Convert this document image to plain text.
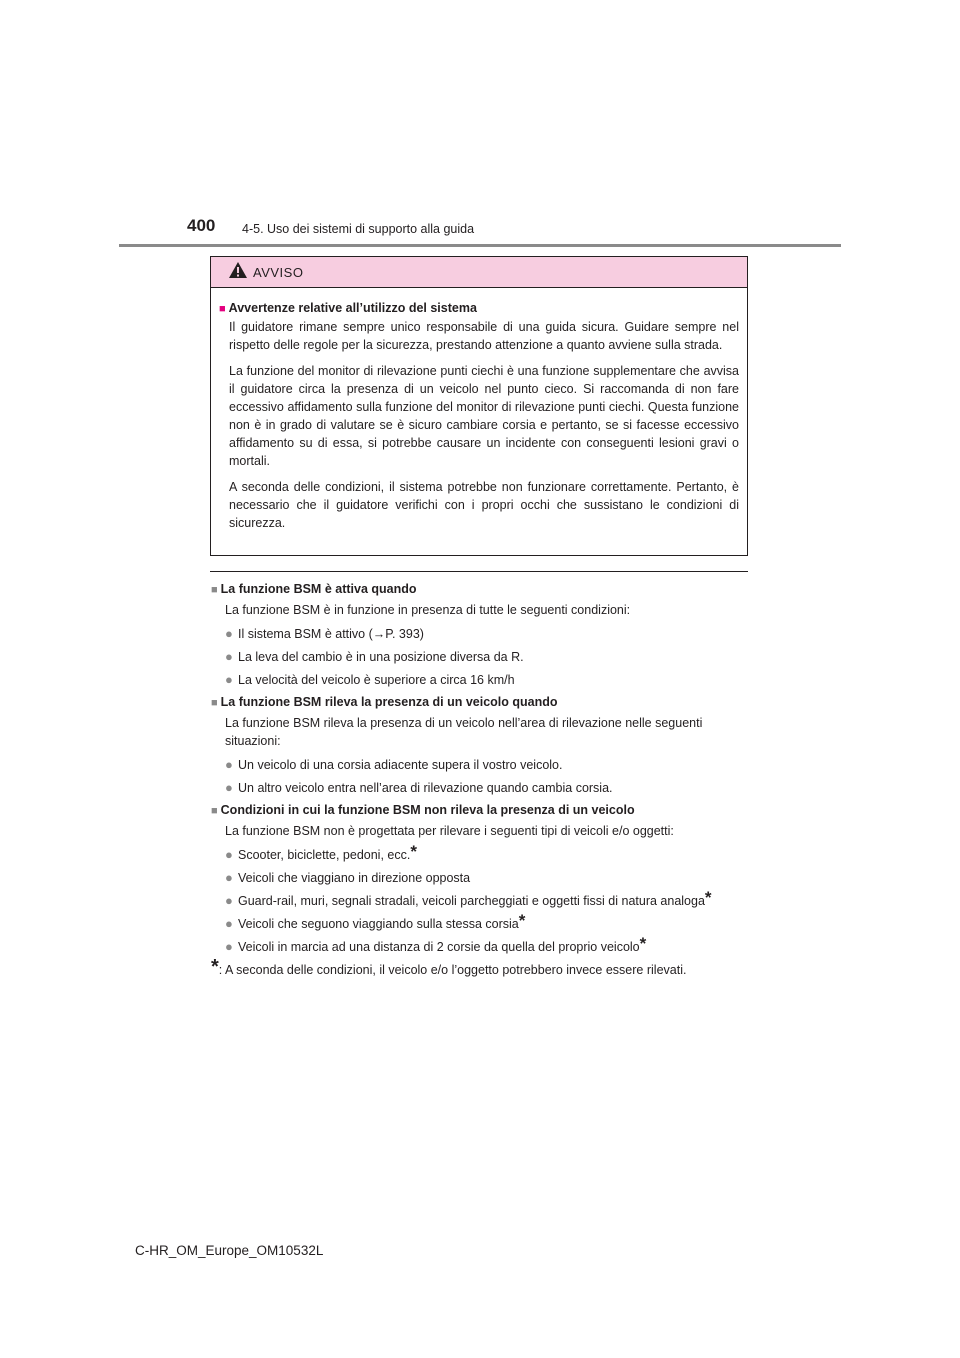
400 4-5. Uso dei sistemi di supporto alla guida
AVVISO
■ Avvertenze relative all’utilizzo del sistema

Il guidatore rimane sempre unico responsabile di una guida sicura. Guidare sempre nel rispetto delle regole per la sicurezza, prestando attenzione a quanto avviene sulla strada.

La funzione del monitor di rilevazione punti ciechi è una funzione supplementare che avvisa il guidatore circa la presenza di un veicolo nel punto cieco. Si raccomanda di non fare eccessivo affidamento sulla funzione del monitor di rilevazione punti ciechi. Questa funzione non è in grado di valutare se è sicuro cambiare corsia e pertanto, se si facesse eccessivo affidamento su di essa, si potrebbe causare un incidente con conseguenti lesioni gravi o mortali.

A seconda delle condizioni, il sistema potrebbe non funzionare correttamente. Pertanto, è necessario che il guidatore verifichi con i propri occhi che sussistano le condizioni di sicurezza.

■ La funzione BSM è attiva quando
La funzione BSM è in funzione in presenza di tutte le seguenti condizioni:
● Il sistema BSM è attivo (→P. 393)
● La leva del cambio è in una posizione diversa da R.
● La velocità del veicolo è superiore a circa 16 km/h
■ La funzione BSM rileva la presenza di un veicolo quando
La funzione BSM rileva la presenza di un veicolo nell’area di rilevazione nelle seguenti situazioni:
● Un veicolo di una corsia adiacente supera il vostro veicolo.
● Un altro veicolo entra nell’area di rilevazione quando cambia corsia.
■ Condizioni in cui la funzione BSM non rileva la presenza di un veicolo
La funzione BSM non è progettata per rilevare i seguenti tipi di veicoli e/o oggetti:
● Scooter, biciclette, pedoni, ecc.*
● Veicoli che viaggiano in direzione opposta
● Guard-rail, muri, segnali stradali, veicoli parcheggiati e oggetti fissi di natura analoga*
● Veicoli che seguono viaggiando sulla stessa corsia*
● Veicoli in marcia ad una distanza di 2 corsie da quella del proprio veicolo*
*: A seconda delle condizioni, il veicolo e/o l’oggetto potrebbero invece essere rilevati.
C-HR_OM_Europe_OM10532L
